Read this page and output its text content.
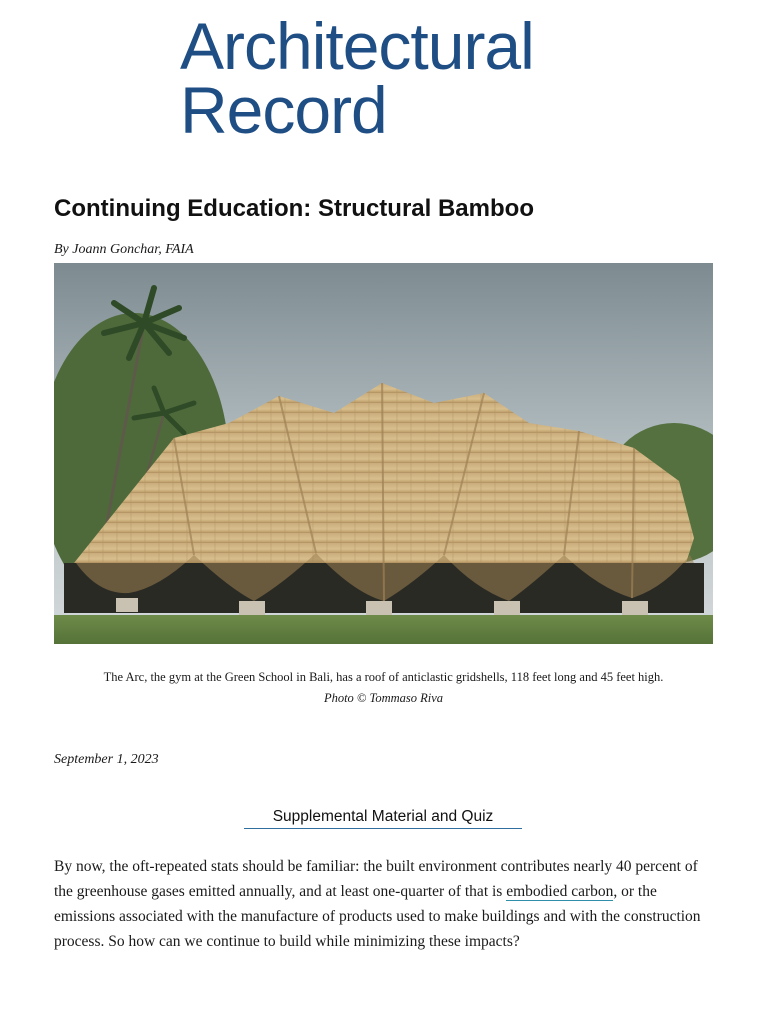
Architectural
Record
Continuing Education: Structural Bamboo
By Joann Gonchar, FAIA
The Arc, the gym at the Green School in Bali, has a roof of anticlastic gridshells, 118 feet long and 45 feet high.
Photo © Tommaso Riva
September 1, 2023
Supplemental Material and Quiz

By now, the oft-repeated stats should be familiar: the built environment contributes nearly 40 percent of the greenhouse gases emitted annually, and at least one-quarter of that is embodied carbon, or the emissions associated with the manufacture of products used to make buildings and with the construction process. So how can we continue to build while minimizing these impacts?
